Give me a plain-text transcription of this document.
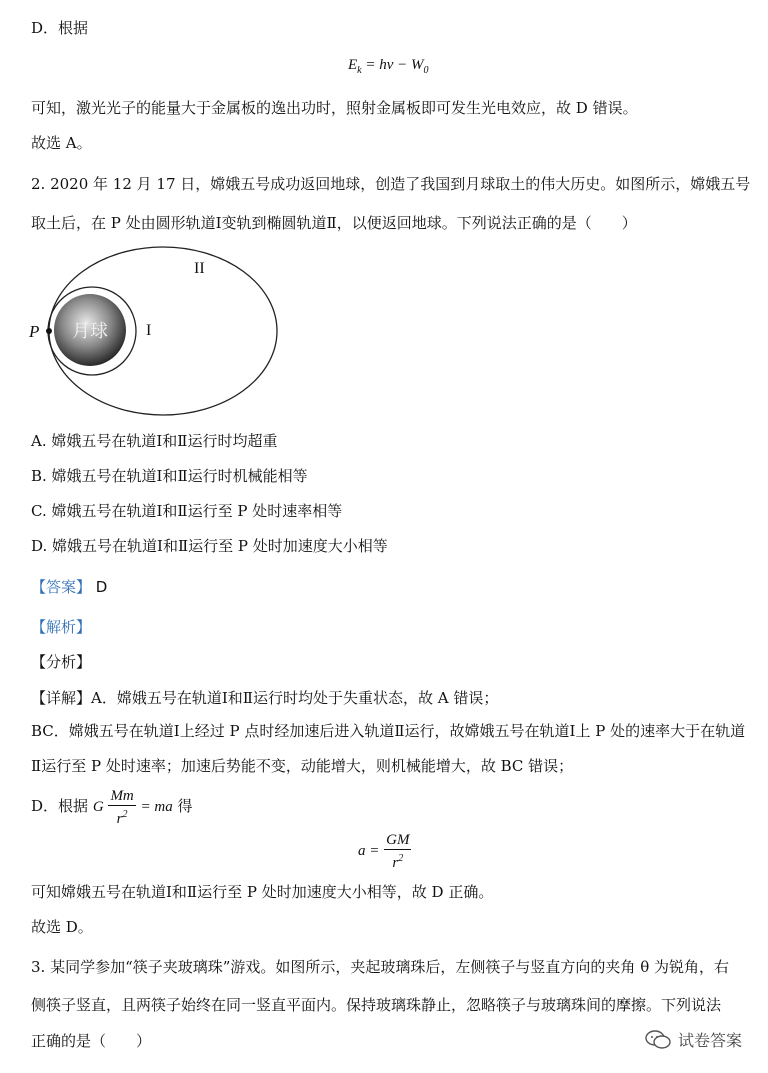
D．根据
$E_k = h\nu - W_0$
可知，激光光子的能量大于金属板的逸出功时，照射金属板即可发生光电效应，故 D 错误。
故选 A。
2. 2020 年 12 月 17 日，嫦娥五号成功返回地球，创造了我国到月球取土的伟大历史。如图所示，嫦娥五号
取土后，在 P 处由圆形轨道Ⅰ变轨到椭圆轨道Ⅱ，以便返回地球。下列说法正确的是（　　）
月球
P	I
II
A. 嫦娥五号在轨道Ⅰ和Ⅱ运行时均超重
B. 嫦娥五号在轨道Ⅰ和Ⅱ运行时机械能相等
C. 嫦娥五号在轨道Ⅰ和Ⅱ运行至 P 处时速率相等
D. 嫦娥五号在轨道Ⅰ和Ⅱ运行至 P 处时加速度大小相等
【答案】 D
【解析】
【分析】
【详解】A．嫦娥五号在轨道Ⅰ和Ⅱ运行时均处于失重状态，故 A 错误；
BC．嫦娥五号在轨道Ⅰ上经过 P 点时经加速后进入轨道Ⅱ运行，故嫦娥五号在轨道Ⅰ上 P 处的速率大于在轨道
Ⅱ运行至 P 处时速率；加速后势能不变，动能增大，则机械能增大，故 BC 错误；
D．根据 G $\frac{Mm}{r^2}$ = ma 得
$a = \frac{GM}{r^2}$
可知嫦娥五号在轨道Ⅰ和Ⅱ运行至 P 处时加速度大小相等，故 D 正确。
故选 D。
3. 某同学参加“筷子夹玻璃珠”游戏。如图所示，夹起玻璃珠后，左侧筷子与竖直方向的夹角 θ 为锐角，右
侧筷子竖直，且两筷子始终在同一竖直平面内。保持玻璃珠静止，忽略筷子与玻璃珠间的摩擦。下列说法
正确的是（　　）	试卷答案
